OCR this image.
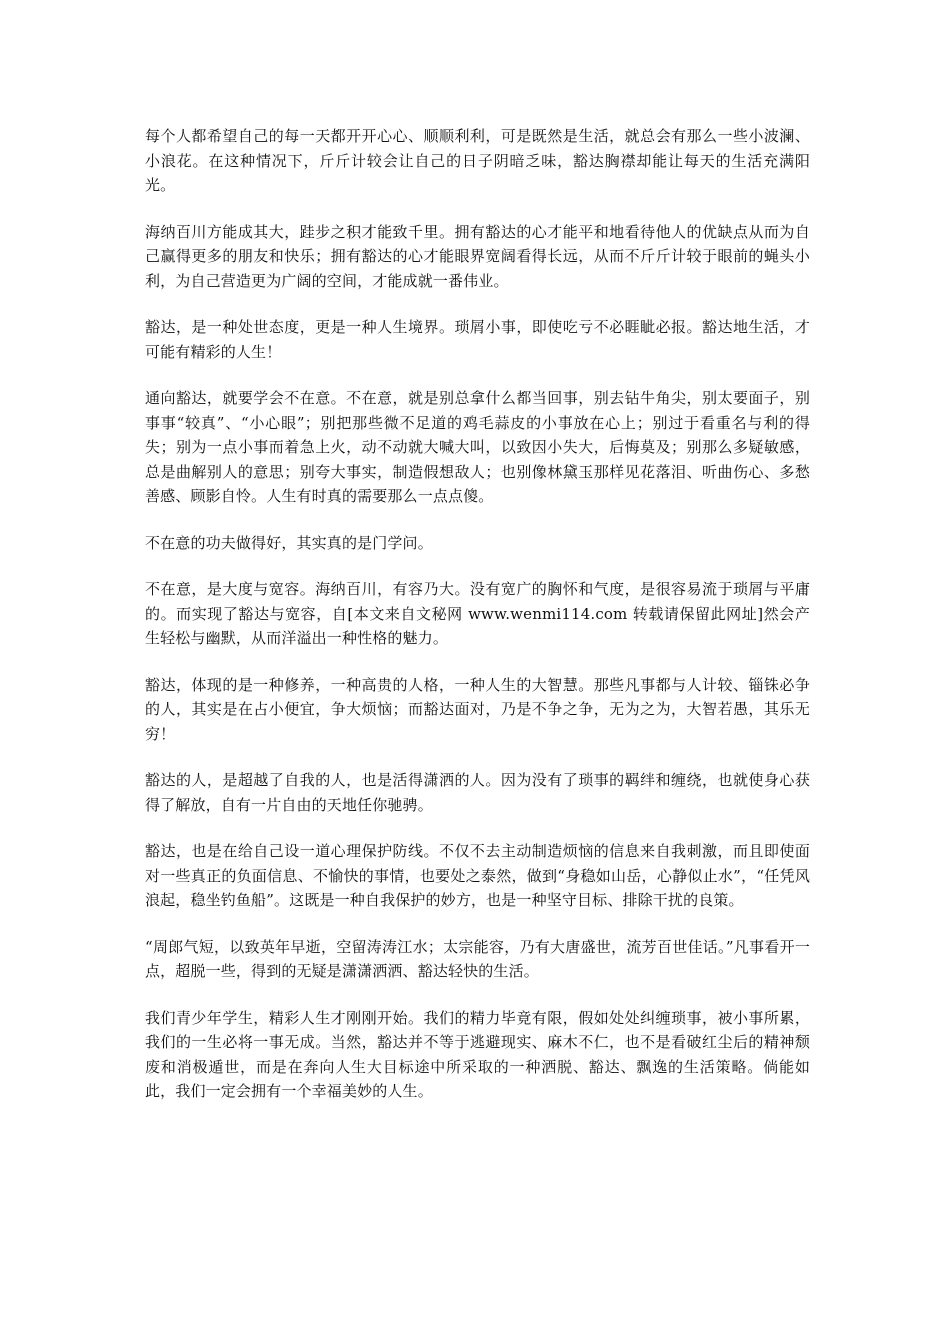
每个人都希望自己的每一天都开开心心、顺顺利利，可是既然是生活，就总会有那么一些小波澜、小浪花。在这种情况下，斤斤计较会让自己的日子阴暗乏味，豁达胸襟却能让每天的生活充满阳光。

海纳百川方能成其大，跬步之积才能致千里。拥有豁达的心才能平和地看待他人的优缺点从而为自己赢得更多的朋友和快乐；拥有豁达的心才能眼界宽阔看得长远，从而不斤斤计较于眼前的蝇头小利，为自己营造更为广阔的空间，才能成就一番伟业。

豁达，是一种处世态度，更是一种人生境界。琐屑小事，即使吃亏不必睚眦必报。豁达地生活，才可能有精彩的人生！

通向豁达，就要学会不在意。不在意，就是别总拿什么都当回事，别去钻牛角尖，别太要面子，别事事“较真”、“小心眼”；别把那些微不足道的鸡毛蒜皮的小事放在心上；别过于看重名与利的得失；别为一点小事而着急上火，动不动就大喊大叫，以致因小失大，后悔莫及；别那么多疑敏感，总是曲解别人的意思；别夸大事实，制造假想敌人；也别像林黛玉那样见花落泪、听曲伤心、多愁善感、顾影自怜。人生有时真的需要那么一点点傻。

不在意的功夫做得好，其实真的是门学问。

不在意，是大度与宽容。海纳百川，有容乃大。没有宽广的胸怀和气度，是很容易流于琐屑与平庸的。而实现了豁达与宽容，自[本文来自文秘网 www.wenmi114.com 转载请保留此网址]然会产生轻松与幽默，从而洋溢出一种性格的魅力。

豁达，体现的是一种修养，一种高贵的人格，一种人生的大智慧。那些凡事都与人计较、锱铢必争的人，其实是在占小便宜，争大烦恼；而豁达面对，乃是不争之争，无为之为，大智若愚，其乐无穷！

豁达的人，是超越了自我的人，也是活得潇洒的人。因为没有了琐事的羁绊和缠绕，也就使身心获得了解放，自有一片自由的天地任你驰骋。

豁达，也是在给自己设一道心理保护防线。不仅不去主动制造烦恼的信息来自我刺激，而且即使面对一些真正的负面信息、不愉快的事情，也要处之泰然，做到“身稳如山岳，心静似止水”，“任凭风浪起，稳坐钓鱼船”。这既是一种自我保护的妙方，也是一种坚守目标、排除干扰的良策。

“周郎气短，以致英年早逝，空留涛涛江水；太宗能容，乃有大唐盛世，流芳百世佳话。”凡事看开一点，超脱一些，得到的无疑是潇潇洒洒、豁达轻快的生活。

我们青少年学生，精彩人生才刚刚开始。我们的精力毕竟有限，假如处处纠缠琐事，被小事所累，我们的一生必将一事无成。当然，豁达并不等于逃避现实、麻木不仁，也不是看破红尘后的精神颓废和消极遁世，而是在奔向人生大目标途中所采取的一种洒脱、豁达、飘逸的生活策略。倘能如此，我们一定会拥有一个幸福美妙的人生。
